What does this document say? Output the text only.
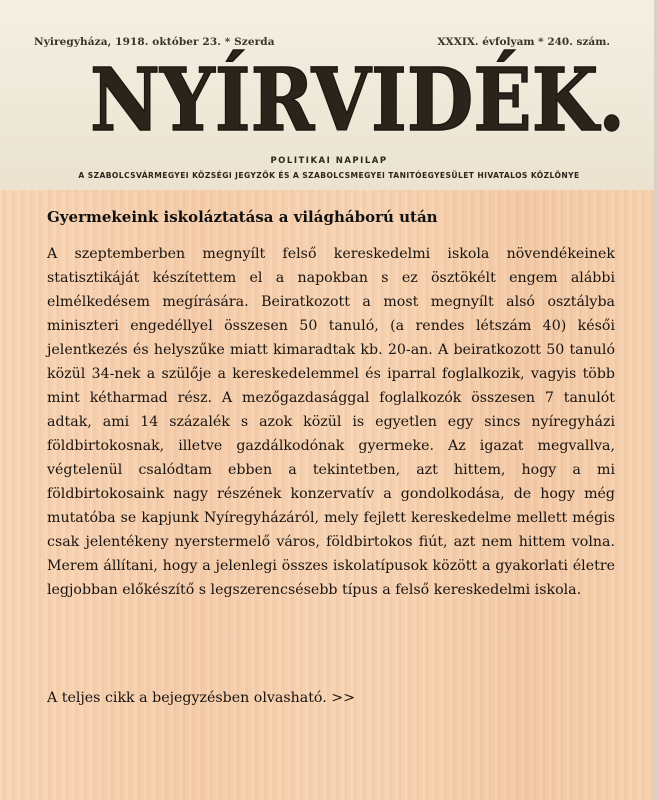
Nyiregyháza, 1918. október 23. * Szerda	XXXIX. évfolyam * 240. szám.
NYÍRVIDÉK.
POLITIKAI NAPILAP
A SZABOLCSVÁRMEGYEI KÖZSÉGI JEGYZŐK ÉS A SZABOLCSMEGYEI TANITÓEGYESÜLET HIVATALOS KÖZLÖNYE
Gyermekeink iskoláztatása a világháború után
A szeptemberben megnyílt felső kereskedelmi iskola növendékeinek statisztikáját készítettem el a napokban s ez ösztökélt engem alábbi elmélkedésem megírására. Beiratkozott a most megnyílt alsó osztályba miniszteri engedéllyel összesen 50 tanuló, (a rendes létszám 40) késői jelentkezés és helyszűke miatt kimaradtak kb. 20-an. A beiratkozott 50 tanuló közül 34-nek a szülője a kereskedelemmel és iparral foglalkozik, vagyis több mint kétharmad rész. A mezőgazdasággal foglalkozók összesen 7 tanulót adtak, ami 14 százalék s azok közül is egyetlen egy sincs nyíregyházi földbirtokosnak, illetve gazdálkodónak gyermeke. Az igazat megvallva, végtelenül csalódtam ebben a tekintetben, azt hittem, hogy a mi földbirtokosaink nagy részének konzervatív a gondolkodása, de hogy még mutatóba se kapjunk Nyíregyházáról, mely fejlett kereskedelme mellett mégis csak jelentékeny nyerstermelő város, földbirtokos fiút, azt nem hittem volna. Merem állítani, hogy a jelenlegi összes iskolatípusok között a gyakorlati életre legjobban előkészítő s legszerencsésebb típus a felső kereskedelmi iskola.
A teljes cikk a bejegyzésben olvasható. >>
